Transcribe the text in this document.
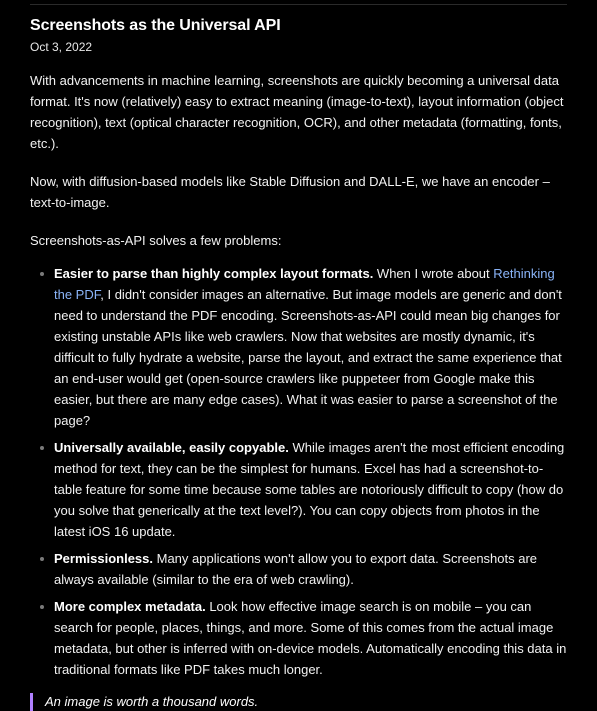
Screenshots as the Universal API
Oct 3, 2022

With advancements in machine learning, screenshots are quickly becoming a universal data format. It's now (relatively) easy to extract meaning (image-to-text), layout information (object recognition), text (optical character recognition, OCR), and other metadata (formatting, fonts, etc.).

Now, with diffusion-based models like Stable Diffusion and DALL-E, we have an encoder – text-to-image.

Screenshots-as-API solves a few problems:

Easier to parse than highly complex layout formats. When I wrote about Rethinking the PDF, I didn't consider images an alternative. But image models are generic and don't need to understand the PDF encoding. Screenshots-as-API could mean big changes for existing unstable APIs like web crawlers. Now that websites are mostly dynamic, it's difficult to fully hydrate a website, parse the layout, and extract the same experience that an end-user would get (open-source crawlers like puppeteer from Google make this easier, but there are many edge cases). What it was easier to parse a screenshot of the page?
Universally available, easily copyable. While images aren't the most efficient encoding method for text, they can be the simplest for humans. Excel has had a screenshot-to-table feature for some time because some tables are notoriously difficult to copy (how do you solve that generically at the text level?). You can copy objects from photos in the latest iOS 16 update.
Permissionless. Many applications won't allow you to export data. Screenshots are always available (similar to the era of web crawling).
More complex metadata. Look how effective image search is on mobile – you can search for people, places, things, and more. Some of this comes from the actual image metadata, but other is inferred with on-device models. Automatically encoding this data in traditional formats like PDF takes much longer.
An image is worth a thousand words.
